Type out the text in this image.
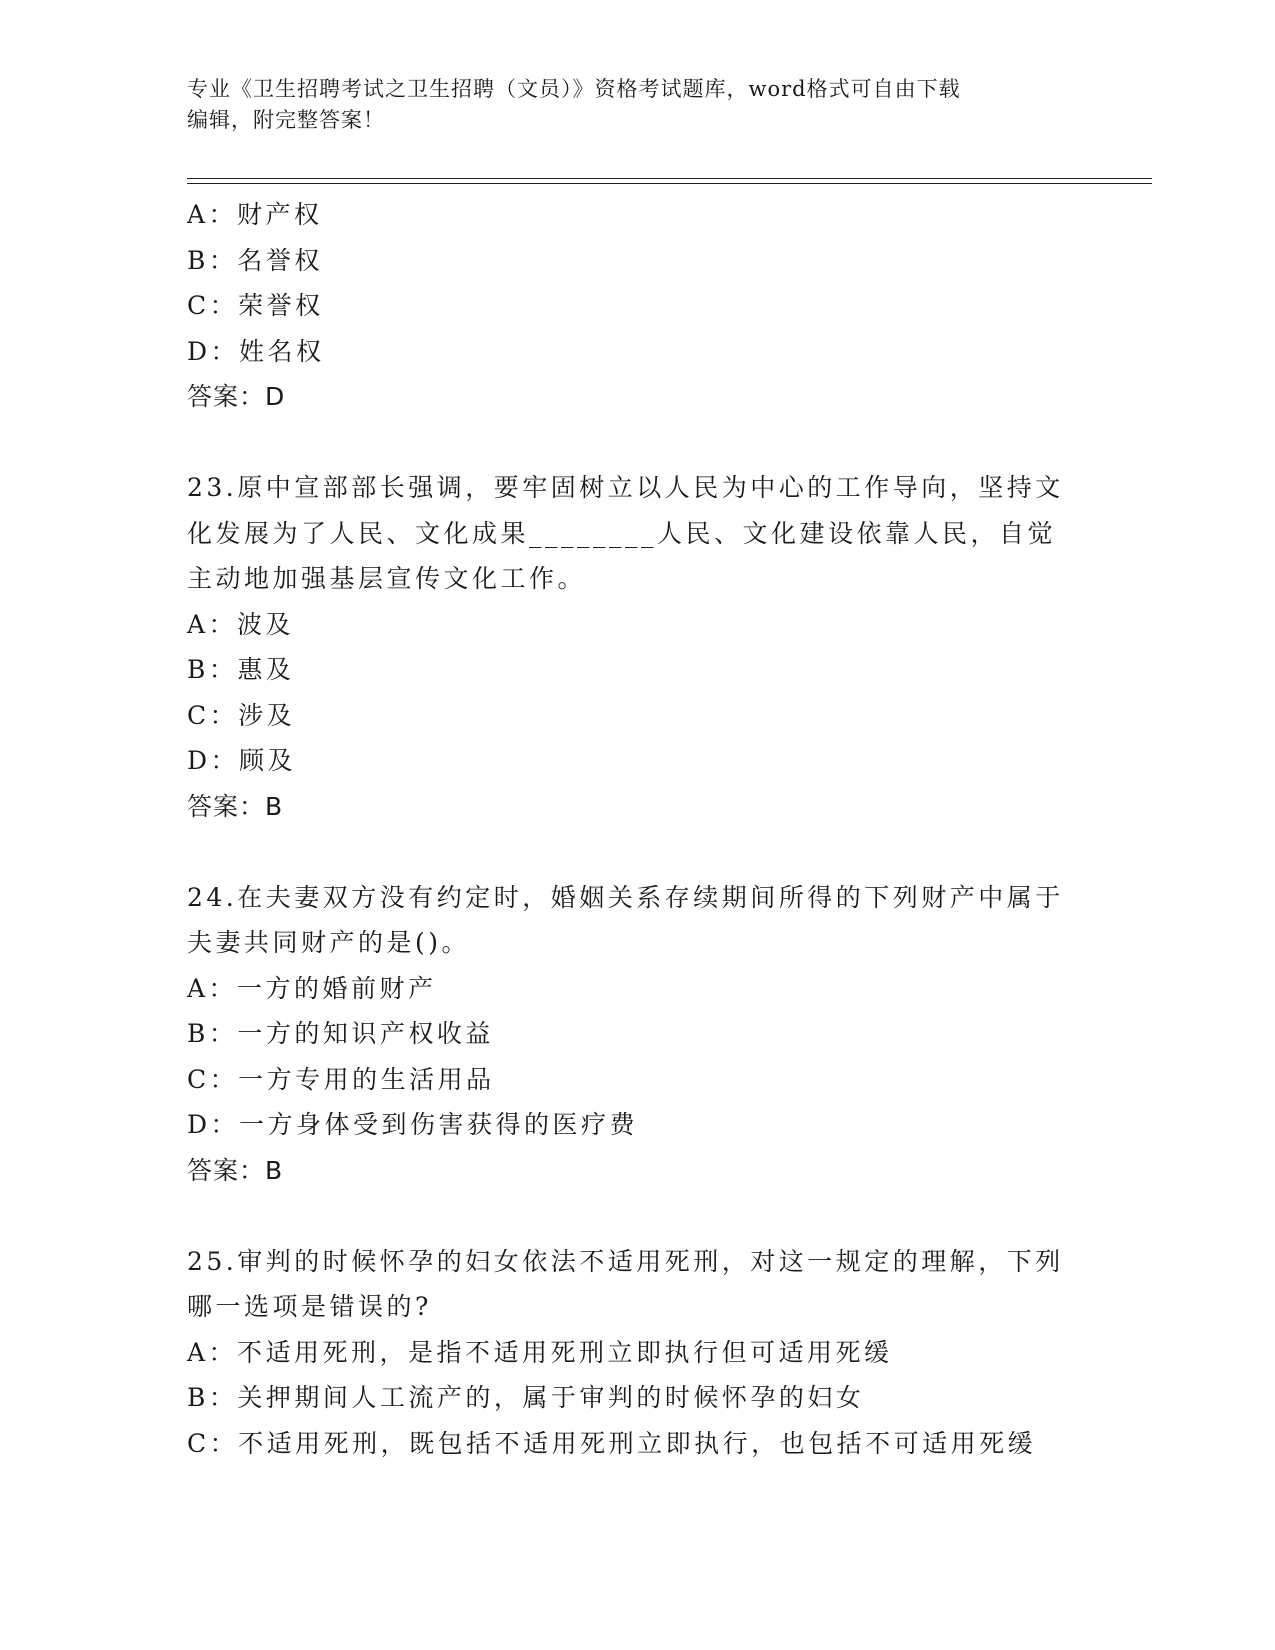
专业《卫生招聘考试之卫生招聘（文员）》资格考试题库，word格式可自由下载
编辑，附完整答案！
A：财产权
B：名誉权
C：荣誉权
D：姓名权
答案：D
23.原中宣部部长强调，要牢固树立以人民为中心的工作导向，坚持文
化发展为了人民、文化成果________人民、文化建设依靠人民，自觉
主动地加强基层宣传文化工作。
A：波及
B：惠及
C：涉及
D：顾及
答案：B
24.在夫妻双方没有约定时，婚姻关系存续期间所得的下列财产中属于
夫妻共同财产的是()。
A：一方的婚前财产
B：一方的知识产权收益
C：一方专用的生活用品
D：一方身体受到伤害获得的医疗费
答案：B
25.审判的时候怀孕的妇女依法不适用死刑，对这一规定的理解，下列
哪一选项是错误的?
A：不适用死刑，是指不适用死刑立即执行但可适用死缓
B：关押期间人工流产的，属于审判的时候怀孕的妇女
C：不适用死刑，既包括不适用死刑立即执行，也包括不可适用死缓
